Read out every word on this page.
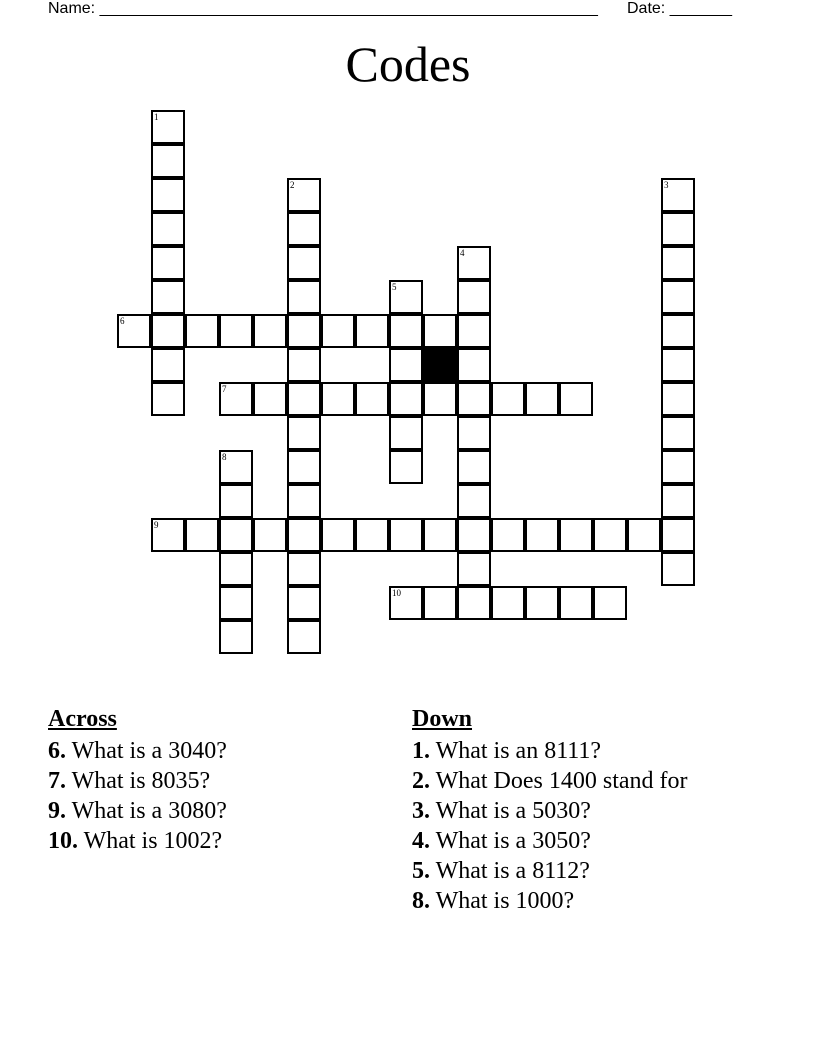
Name: ________________________________________________________ Date: _______
Codes
1
2	3
4
5
6
7
8
9
10
Across
6. What is a 3040?
7. What is 8035?
9. What is a 3080?
10. What is 1002?
Down
1. What is an 8111?
2. What Does 1400 stand for
3. What is a 5030?
4. What is a 3050?
5. What is a 8112?
8. What is 1000?
